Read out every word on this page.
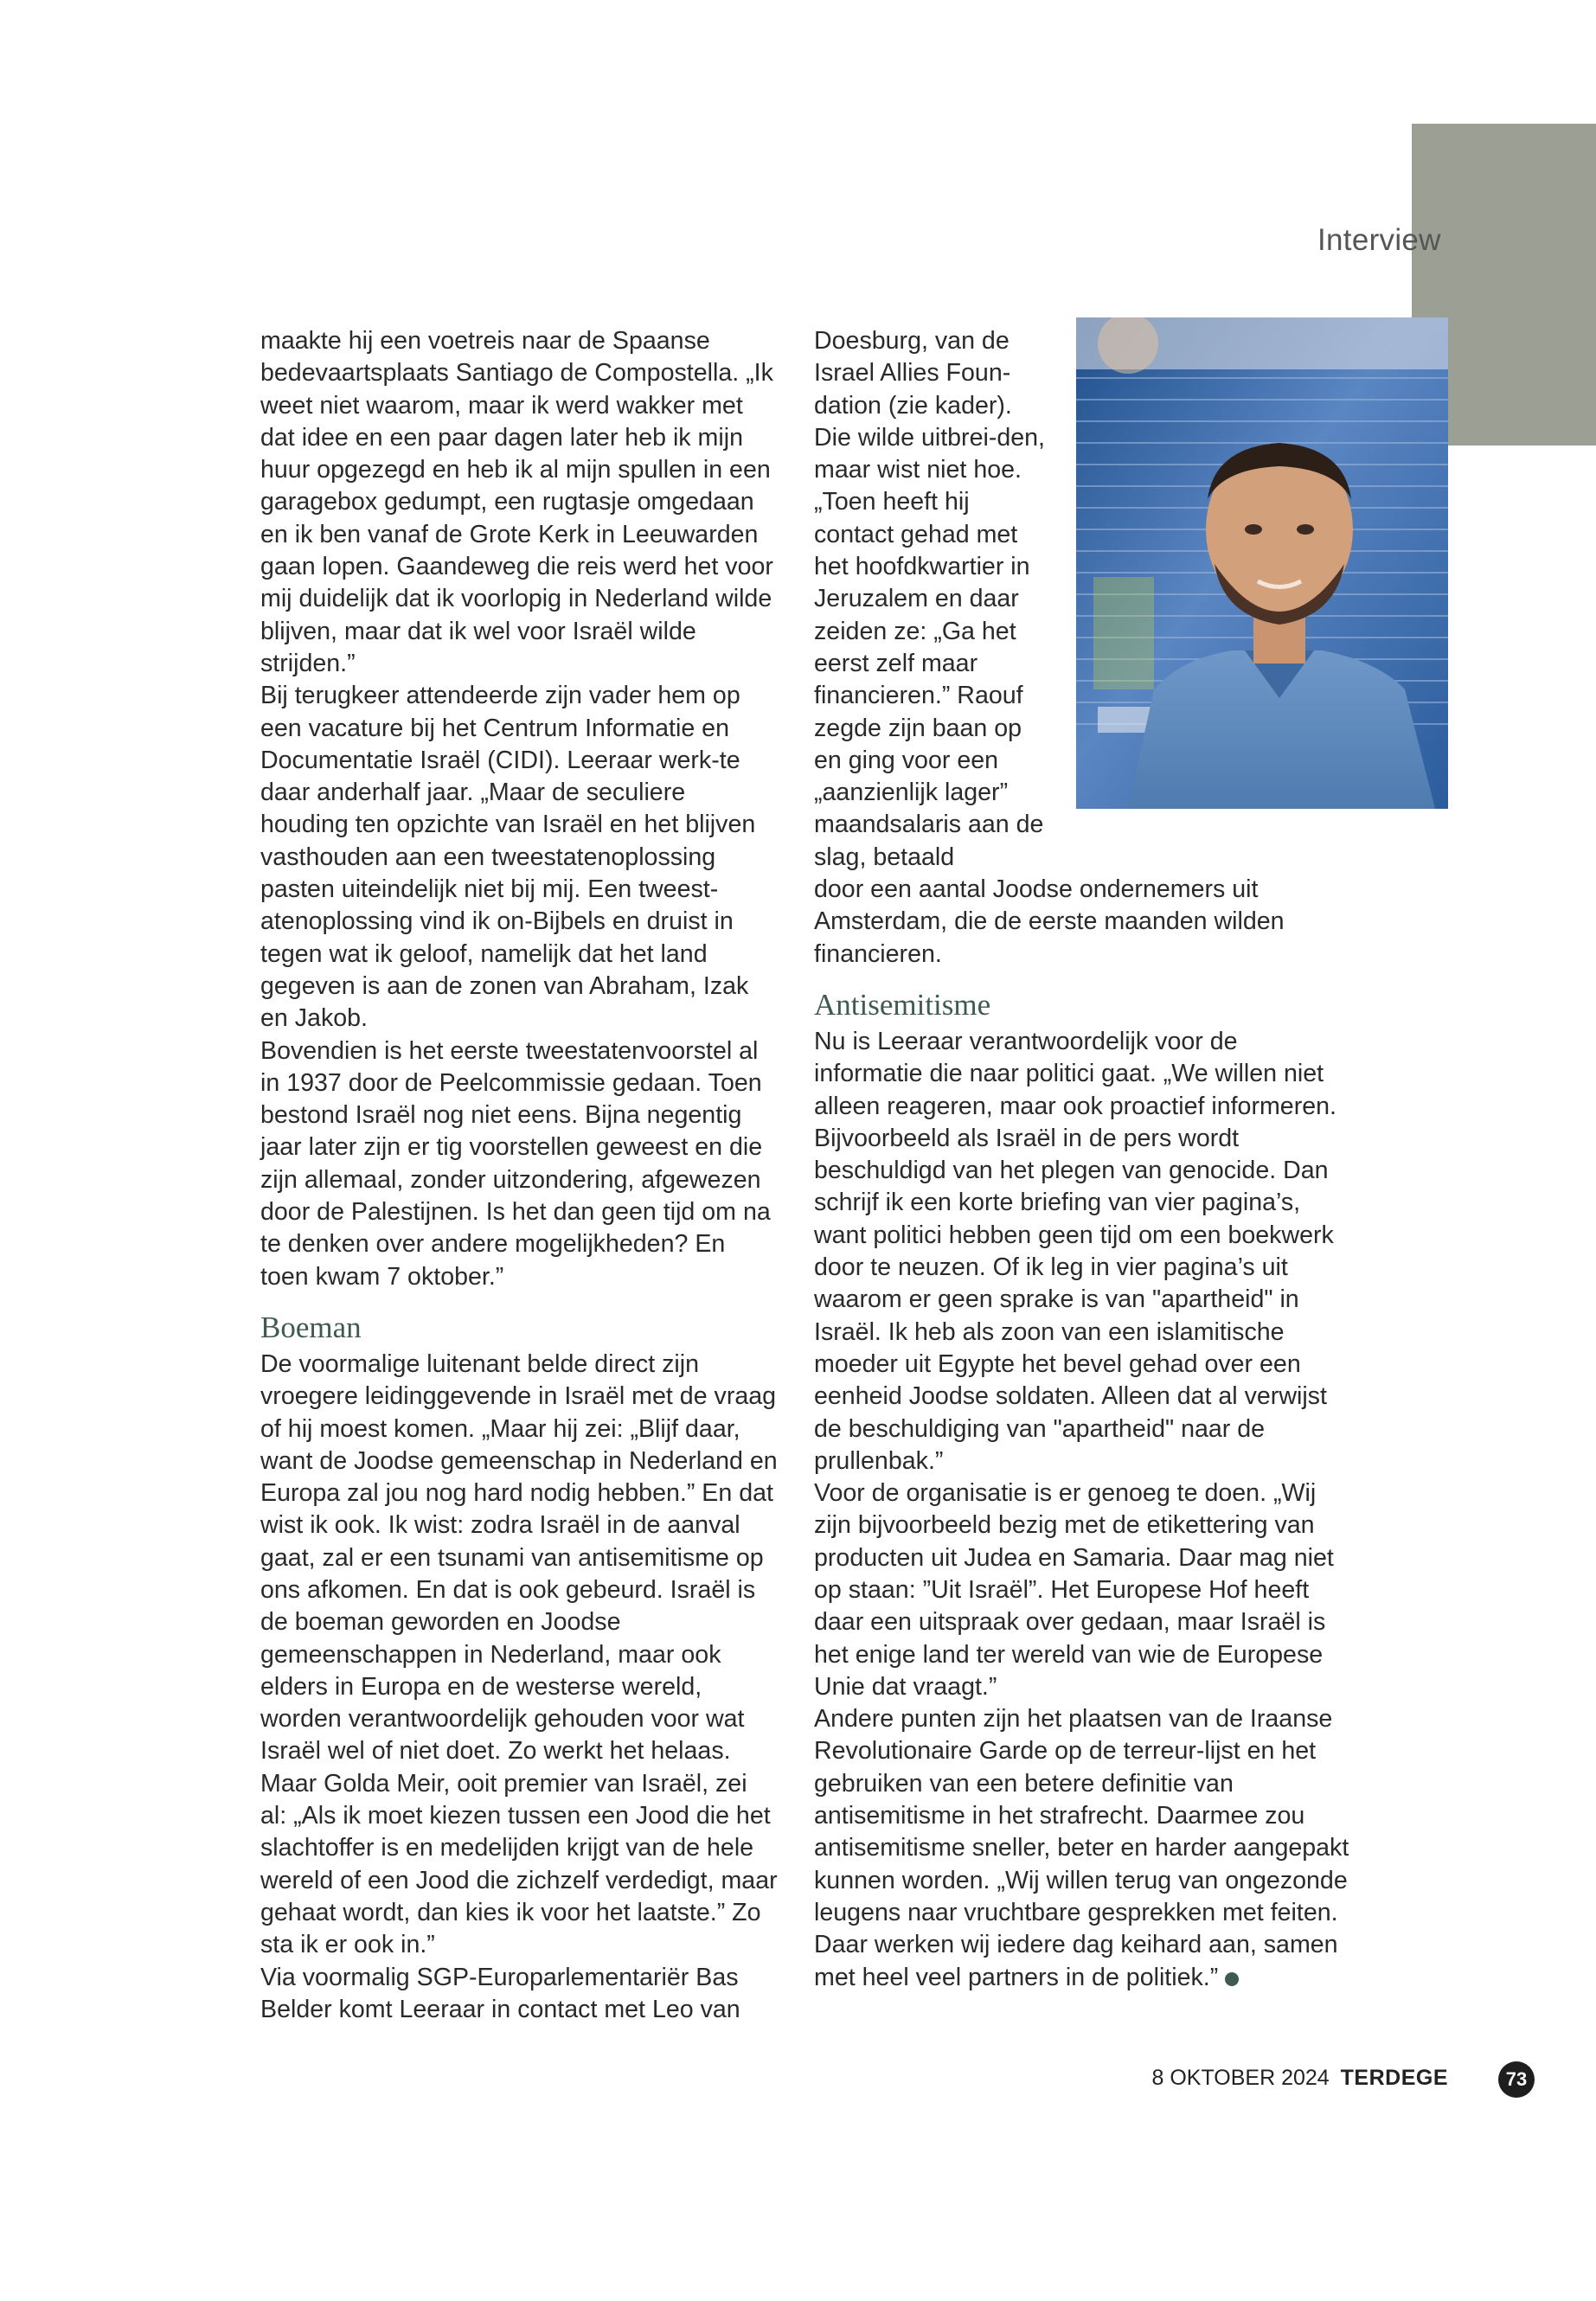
Interview

maakte hij een voetreis naar de Spaanse bedevaartsplaats Santiago de Compostella. „Ik weet niet waarom, maar ik werd wakker met dat idee en een paar dagen later heb ik mijn huur opgezegd en heb ik al mijn spullen in een garagebox gedumpt, een rugtasje omgedaan en ik ben vanaf de Grote Kerk in Leeuwarden gaan lopen. Gaandeweg die reis werd het voor mij duidelijk dat ik voorlopig in Nederland wilde blijven, maar dat ik wel voor Israël wilde strijden.”

Bij terugkeer attendeerde zijn vader hem op een vacature bij het Centrum Informatie en Documentatie Israël (CIDI). Leeraar werk-te daar anderhalf jaar. „Maar de seculiere houding ten opzichte van Israël en het blijven vasthouden aan een tweestatenoplossing pasten uiteindelijk niet bij mij. Een tweest-atenoplossing vind ik on-Bijbels en druist in tegen wat ik geloof, namelijk dat het land gegeven is aan de zonen van Abraham, Izak en Jakob.

Bovendien is het eerste tweestatenvoorstel al in 1937 door de Peelcommissie gedaan. Toen bestond Israël nog niet eens. Bijna negentig jaar later zijn er tig voorstellen geweest en die zijn allemaal, zonder uitzondering, afgewezen door de Palestijnen. Is het dan geen tijd om na te denken over andere mogelijkheden? En toen kwam 7 oktober.”

Boeman

De voormalige luitenant belde direct zijn vroegere leidinggevende in Israël met de vraag of hij moest komen. „Maar hij zei: „Blijf daar, want de Joodse gemeenschap in Nederland en Europa zal jou nog hard nodig hebben.” En dat wist ik ook. Ik wist: zodra Israël in de aanval gaat, zal er een tsunami van antisemitisme op ons afkomen. En dat is ook gebeurd. Israël is de boeman geworden en Joodse gemeenschappen in Nederland, maar ook elders in Europa en de westerse wereld, worden verantwoordelijk gehouden voor wat Israël wel of niet doet. Zo werkt het helaas. Maar Golda Meir, ooit premier van Israël, zei al: „Als ik moet kiezen tussen een Jood die het slachtoffer is en medelijden krijgt van de hele wereld of een Jood die zichzelf verdedigt, maar gehaat wordt, dan kies ik voor het laatste.” Zo sta ik er ook in.”

Via voormalig SGP-Europarlementariër Bas Belder komt Leeraar in contact met Leo van

Doesburg, van de Israel Allies Foun-dation (zie kader). Die wilde uitbrei-den, maar wist niet hoe. „Toen heeft hij contact gehad met het hoofdkwartier in Jeruzalem en daar zeiden ze: „Ga het eerst zelf maar financieren.” Raouf zegde zijn baan op en ging voor een „aanzienlijk lager” maandsalaris aan de slag, betaald

door een aantal Joodse ondernemers uit Amsterdam, die de eerste maanden wilden financieren.

Antisemitisme

Nu is Leeraar verantwoordelijk voor de informatie die naar politici gaat. „We willen niet alleen reageren, maar ook proactief informeren. Bijvoorbeeld als Israël in de pers wordt beschuldigd van het plegen van genocide. Dan schrijf ik een korte briefing van vier pagina’s, want politici hebben geen tijd om een boekwerk door te neuzen. Of ik leg in vier pagina’s uit waarom er geen sprake is van "apartheid" in Israël. Ik heb als zoon van een islamitische moeder uit Egypte het bevel gehad over een eenheid Joodse soldaten. Alleen dat al verwijst de beschuldiging van "apartheid" naar de prullenbak.”

Voor de organisatie is er genoeg te doen. „Wij zijn bijvoorbeeld bezig met de etikettering van producten uit Judea en Samaria. Daar mag niet op staan: ”Uit Israël”. Het Europese Hof heeft daar een uitspraak over gedaan, maar Israël is het enige land ter wereld van wie de Europese Unie dat vraagt.”

Andere punten zijn het plaatsen van de Iraanse Revolutionaire Garde op de terreur-lijst en het gebruiken van een betere definitie van antisemitisme in het strafrecht. Daarmee zou antisemitisme sneller, beter en harder aangepakt kunnen worden. „Wij willen terug van ongezonde leugens naar vruchtbare gesprekken met feiten. Daar werken wij iedere dag keihard aan, samen met heel veel partners in de politiek.”

8 OKTOBER 2024 TERDEGE	73
